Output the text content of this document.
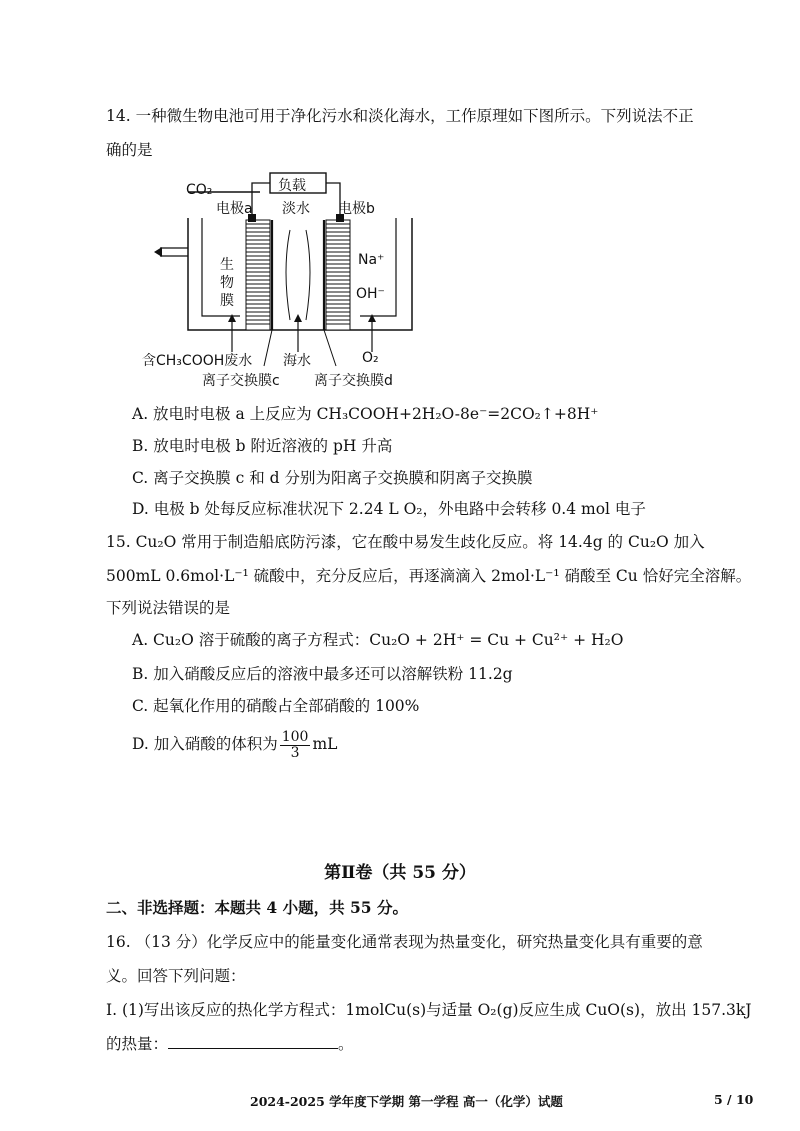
14. 一种微生物电池可用于净化污水和淡化海水，工作原理如下图所示。下列说法不正
确的是
CO₂	负载
电极a 淡水 电极b
生
物
膜
Na⁺
OH⁻
含CH₃COOH废水 海水	O₂
离子交换膜c 离子交换膜d
A. 放电时电极 a 上反应为 CH₃COOH+2H₂O-8e⁻=2CO₂↑+8H⁺
B. 放电时电极 b 附近溶液的 pH 升高
C. 离子交换膜 c 和 d 分别为阳离子交换膜和阴离子交换膜
D. 电极 b 处每反应标准状况下 2.24 L O₂，外电路中会转移 0.4 mol 电子
15. Cu₂O 常用于制造船底防污漆，它在酸中易发生歧化反应。将 14.4g 的 Cu₂O 加入
500mL 0.6mol·L⁻¹ 硫酸中，充分反应后，再逐滴滴入 2mol·L⁻¹ 硝酸至 Cu 恰好完全溶解。
下列说法错误的是
A. Cu₂O 溶于硫酸的离子方程式：Cu₂O + 2H⁺ = Cu + Cu²⁺ + H₂O
B. 加入硝酸反应后的溶液中最多还可以溶解铁粉 11.2g
C. 起氧化作用的硝酸占全部硝酸的 100%
D. 加入硝酸的体积为 $\frac{100}{3}$ mL
第Ⅱ卷（共 55 分）
二、非选择题：本题共 4 小题，共 55 分。
16. （13 分）化学反应中的能量变化通常表现为热量变化，研究热量变化具有重要的意
义。回答下列问题：
I. (1)写出该反应的热化学方程式：1molCu(s)与适量 O₂(g)反应生成 CuO(s)，放出 157.3kJ
的热量：	。
2024-2025 学年度下学期 第一学程 高一（化学）试题	5 / 10
